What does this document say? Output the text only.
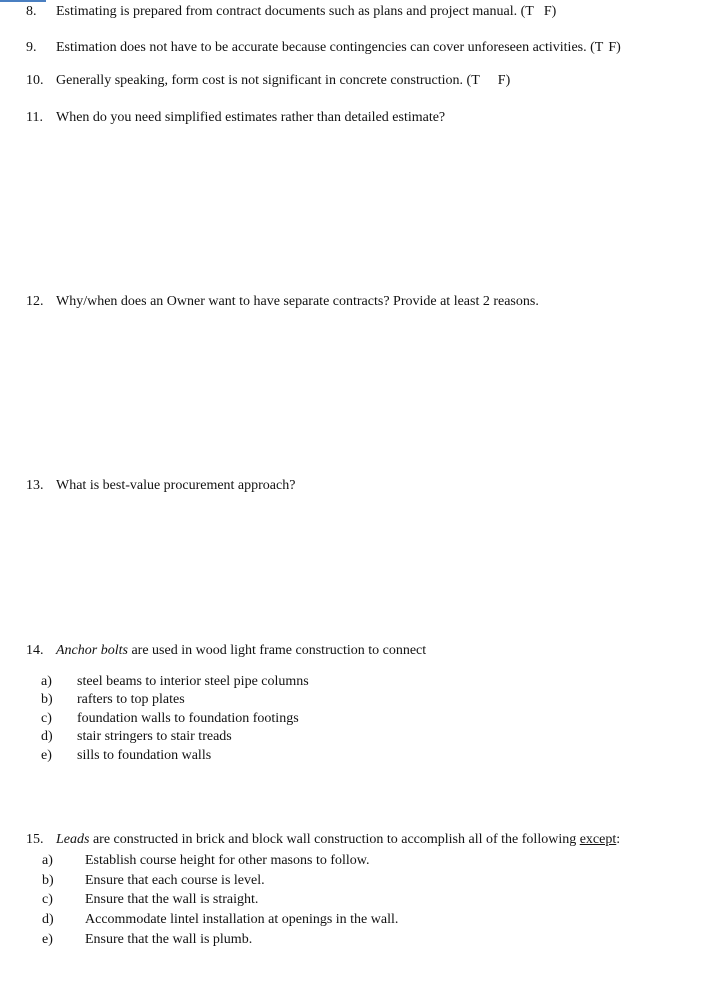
8. Estimating is prepared from contract documents such as plans and project manual. (T F)
9. Estimation does not have to be accurate because contingencies can cover unforeseen activities. (T F)
10. Generally speaking, form cost is not significant in concrete construction. (T F)
11. When do you need simplified estimates rather than detailed estimate?
12. Why/when does an Owner want to have separate contracts? Provide at least 2 reasons.
13. What is best-value procurement approach?
14. Anchor bolts are used in wood light frame construction to connect
a) steel beams to interior steel pipe columns
b) rafters to top plates
c) foundation walls to foundation footings
d) stair stringers to stair treads
e) sills to foundation walls
15. Leads are constructed in brick and block wall construction to accomplish all of the following except:
a) Establish course height for other masons to follow.
b) Ensure that each course is level.
c) Ensure that the wall is straight.
d) Accommodate lintel installation at openings in the wall.
e) Ensure that the wall is plumb.
